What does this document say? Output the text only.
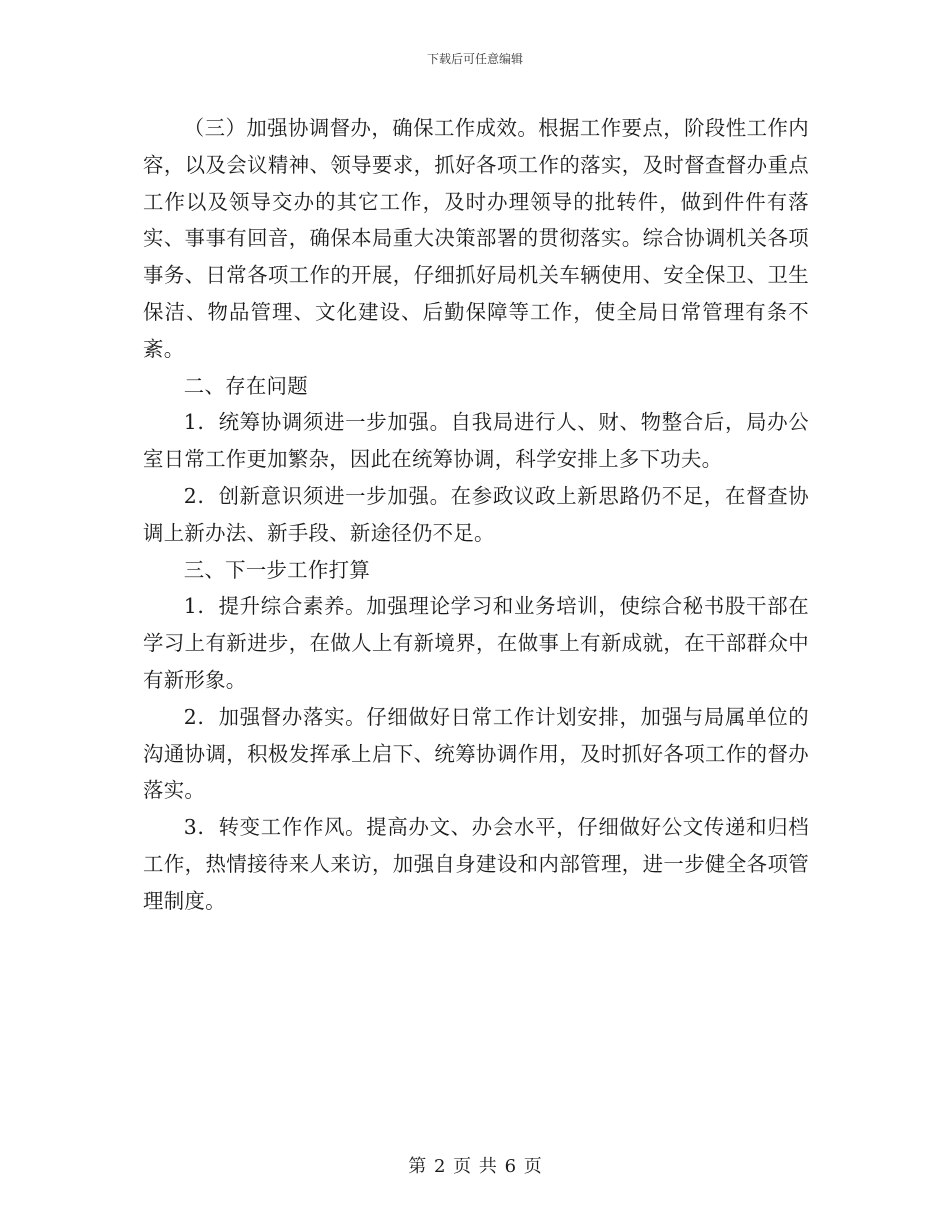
下载后可任意编辑

（三）加强协调督办，确保工作成效。根据工作要点，阶段性工作内容，以及会议精神、领导要求，抓好各项工作的落实，及时督查督办重点工作以及领导交办的其它工作，及时办理领导的批转件，做到件件有落实、事事有回音，确保本局重大决策部署的贯彻落实。综合协调机关各项事务、日常各项工作的开展，仔细抓好局机关车辆使用、安全保卫、卫生保洁、物品管理、文化建设、后勤保障等工作，使全局日常管理有条不紊。

二、存在问题

1．统筹协调须进一步加强。自我局进行人、财、物整合后，局办公室日常工作更加繁杂，因此在统筹协调，科学安排上多下功夫。

2．创新意识须进一步加强。在参政议政上新思路仍不足，在督查协调上新办法、新手段、新途径仍不足。

三、下一步工作打算

1．提升综合素养。加强理论学习和业务培训，使综合秘书股干部在学习上有新进步，在做人上有新境界，在做事上有新成就，在干部群众中有新形象。

2．加强督办落实。仔细做好日常工作计划安排，加强与局属单位的沟通协调，积极发挥承上启下、统筹协调作用，及时抓好各项工作的督办落实。

3．转变工作作风。提高办文、办会水平，仔细做好公文传递和归档工作，热情接待来人来访，加强自身建设和内部管理，进一步健全各项管理制度。

第 2 页 共 6 页
